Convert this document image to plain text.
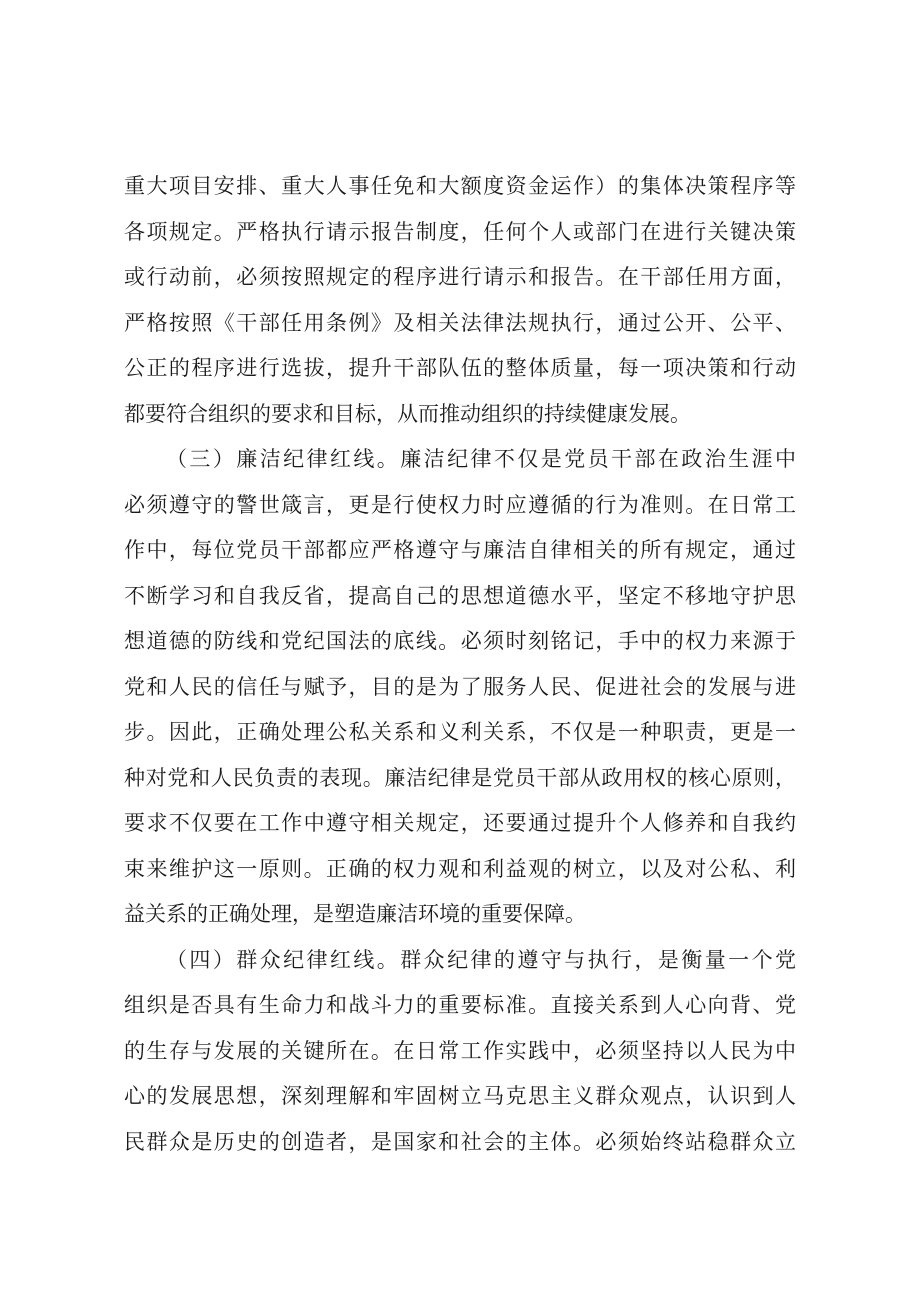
重大项目安排、重大人事任免和大额度资金运作）的集体决策程序等
各项规定。严格执行请示报告制度，任何个人或部门在进行关键决策
或行动前，必须按照规定的程序进行请示和报告。在干部任用方面，
严格按照《干部任用条例》及相关法律法规执行，通过公开、公平、
公正的程序进行选拔，提升干部队伍的整体质量，每一项决策和行动
都要符合组织的要求和目标，从而推动组织的持续健康发展。
（三）廉洁纪律红线。廉洁纪律不仅是党员干部在政治生涯中
必须遵守的警世箴言，更是行使权力时应遵循的行为准则。在日常工
作中，每位党员干部都应严格遵守与廉洁自律相关的所有规定，通过
不断学习和自我反省，提高自己的思想道德水平，坚定不移地守护思
想道德的防线和党纪国法的底线。必须时刻铭记，手中的权力来源于
党和人民的信任与赋予，目的是为了服务人民、促进社会的发展与进
步。因此，正确处理公私关系和义利关系，不仅是一种职责，更是一
种对党和人民负责的表现。廉洁纪律是党员干部从政用权的核心原则，
要求不仅要在工作中遵守相关规定，还要通过提升个人修养和自我约
束来维护这一原则。正确的权力观和利益观的树立，以及对公私、利
益关系的正确处理，是塑造廉洁环境的重要保障。
（四）群众纪律红线。群众纪律的遵守与执行，是衡量一个党
组织是否具有生命力和战斗力的重要标准。直接关系到人心向背、党
的生存与发展的关键所在。在日常工作实践中，必须坚持以人民为中
心的发展思想，深刻理解和牢固树立马克思主义群众观点，认识到人
民群众是历史的创造者，是国家和社会的主体。必须始终站稳群众立
